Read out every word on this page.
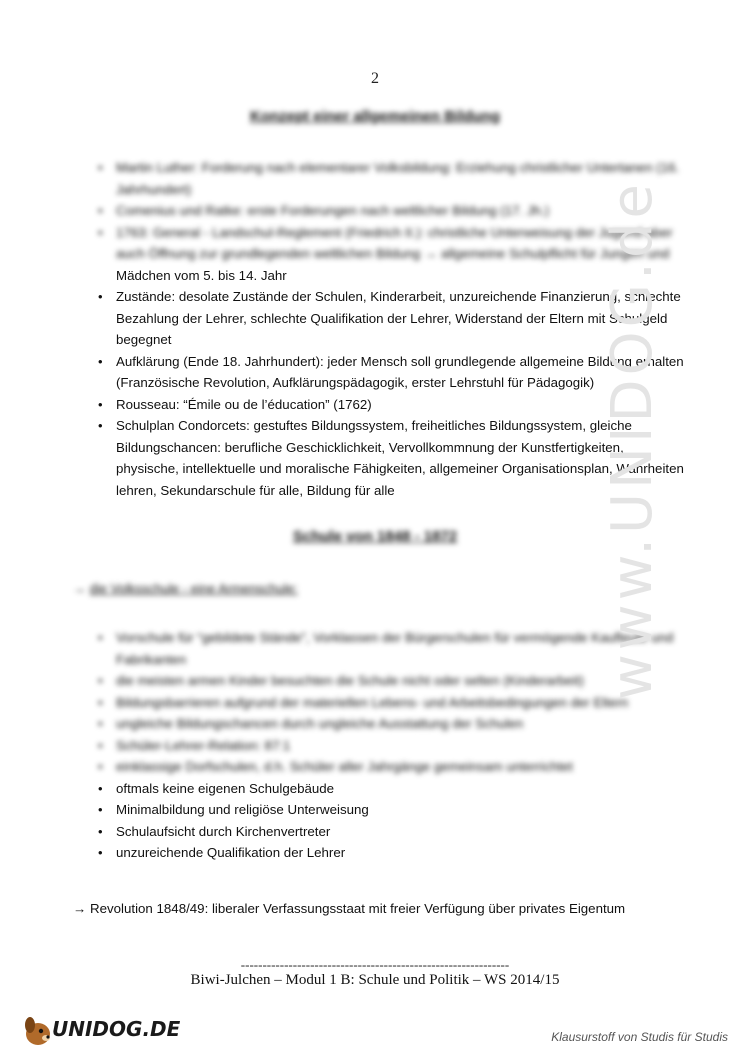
2
Konzept einer allgemeinen Bildung
• Martin Luther: Forderung nach elementarer Volksbildung: Erziehung christlicher Untertanen (16. Jahrhundert)
• Comenius und Ratke: erste Forderungen nach weltlicher Bildung (17. Jh.)
• 1763: General - Landschul-Reglement (Friedrich II.): christliche Unterweisung der Jugend aber auch Öffnung zur grundlegenden weltlichen Bildung → allgemeine Schulpflicht für Jungen und
Mädchen vom 5. bis 14. Jahr
• Zustände: desolate Zustände der Schulen, Kinderarbeit, unzureichende Finanzierung, schlechte Bezahlung der Lehrer, schlechte Qualifikation der Lehrer, Widerstand der Eltern mit Schulgeld begegnet
• Aufklärung (Ende 18. Jahrhundert): jeder Mensch soll grundlegende allgemeine Bildung erhalten (Französische Revolution, Aufklärungspädagogik, erster Lehrstuhl für Pädagogik)
• Rousseau: “Émile ou de l’éducation” (1762)
• Schulplan Condorcets: gestuftes Bildungssystem, freiheitliches Bildungssystem, gleiche Bildungschancen: berufliche Geschicklichkeit, Vervollkommnung der Kunstfertigkeiten, physische, intellektuelle und moralische Fähigkeiten, allgemeiner Organisationsplan, Wahrheiten lehren, Sekundarschule für alle, Bildung für alle
Schule von 1848 - 1872
→ die Volksschule - eine Armenschule:
• Vorschule für “gebildete Stände”, Vorklassen der Bürgerschulen für vermögende Kaufleute und Fabrikanten
• die meisten armen Kinder besuchten die Schule nicht oder selten (Kinderarbeit)
• Bildungsbarrieren aufgrund der materiellen Lebens- und Arbeitsbedingungen der Eltern
• ungleiche Bildungschancen durch ungleiche Ausstattung der Schulen
• Schüler-Lehrer-Relation: 87:1
• einklassige Dorfschulen, d.h. Schüler aller Jahrgänge gemeinsam unterrichtet
• oftmals keine eigenen Schulgebäude
• Minimalbildung und religiöse Unterweisung
• Schulaufsicht durch Kirchenvertreter
• unzureichende Qualifikation der Lehrer
→ Revolution 1848/49: liberaler Verfassungsstaat mit freier Verfügung über privates Eigentum
--------------------------------------------------------------
Biwi-Julchen – Modul 1 B: Schule und Politik – WS 2014/15
www.UNIDOG.de
UNIDOG.DE	Klausurstoff von Studis für Studis
